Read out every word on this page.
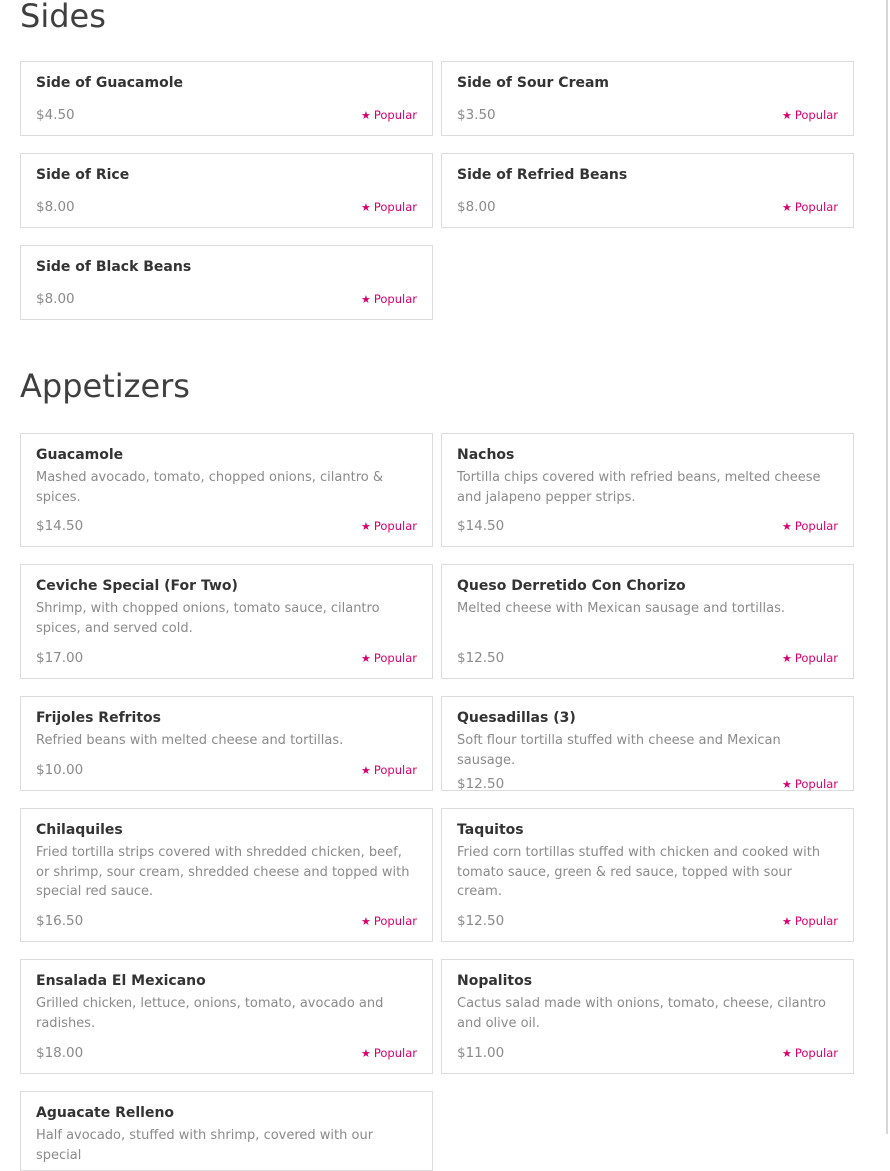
Sides
Side of Guacamole
$4.50	★ Popular
Side of Sour Cream
$3.50	★ Popular
Side of Rice
$8.00	★ Popular
Side of Refried Beans
$8.00	★ Popular
Side of Black Beans
$8.00	★ Popular
Appetizers
Guacamole
Mashed avocado, tomato, chopped onions, cilantro & spices.
$14.50	★ Popular
Nachos
Tortilla chips covered with refried beans, melted cheese and jalapeno pepper strips.
$14.50	★ Popular
Ceviche Special (For Two)
Shrimp, with chopped onions, tomato sauce, cilantro spices, and served cold.
$17.00	★ Popular
Queso Derretido Con Chorizo
Melted cheese with Mexican sausage and tortillas.
$12.50	★ Popular
Frijoles Refritos
Refried beans with melted cheese and tortillas.
$10.00	★ Popular
Quesadillas (3)
Soft flour tortilla stuffed with cheese and Mexican sausage.
$12.50	★ Popular
Chilaquiles
Fried tortilla strips covered with shredded chicken, beef, or shrimp, sour cream, shredded cheese and topped with special red sauce.
$16.50	★ Popular
Taquitos
Fried corn tortillas stuffed with chicken and cooked with tomato sauce, green & red sauce, topped with sour cream.
$12.50	★ Popular
Ensalada El Mexicano
Grilled chicken, lettuce, onions, tomato, avocado and radishes.
$18.00	★ Popular
Nopalitos
Cactus salad made with onions, tomato, cheese, cilantro and olive oil.
$11.00	★ Popular
Aguacate Relleno
Half avocado, stuffed with shrimp, covered with our special
